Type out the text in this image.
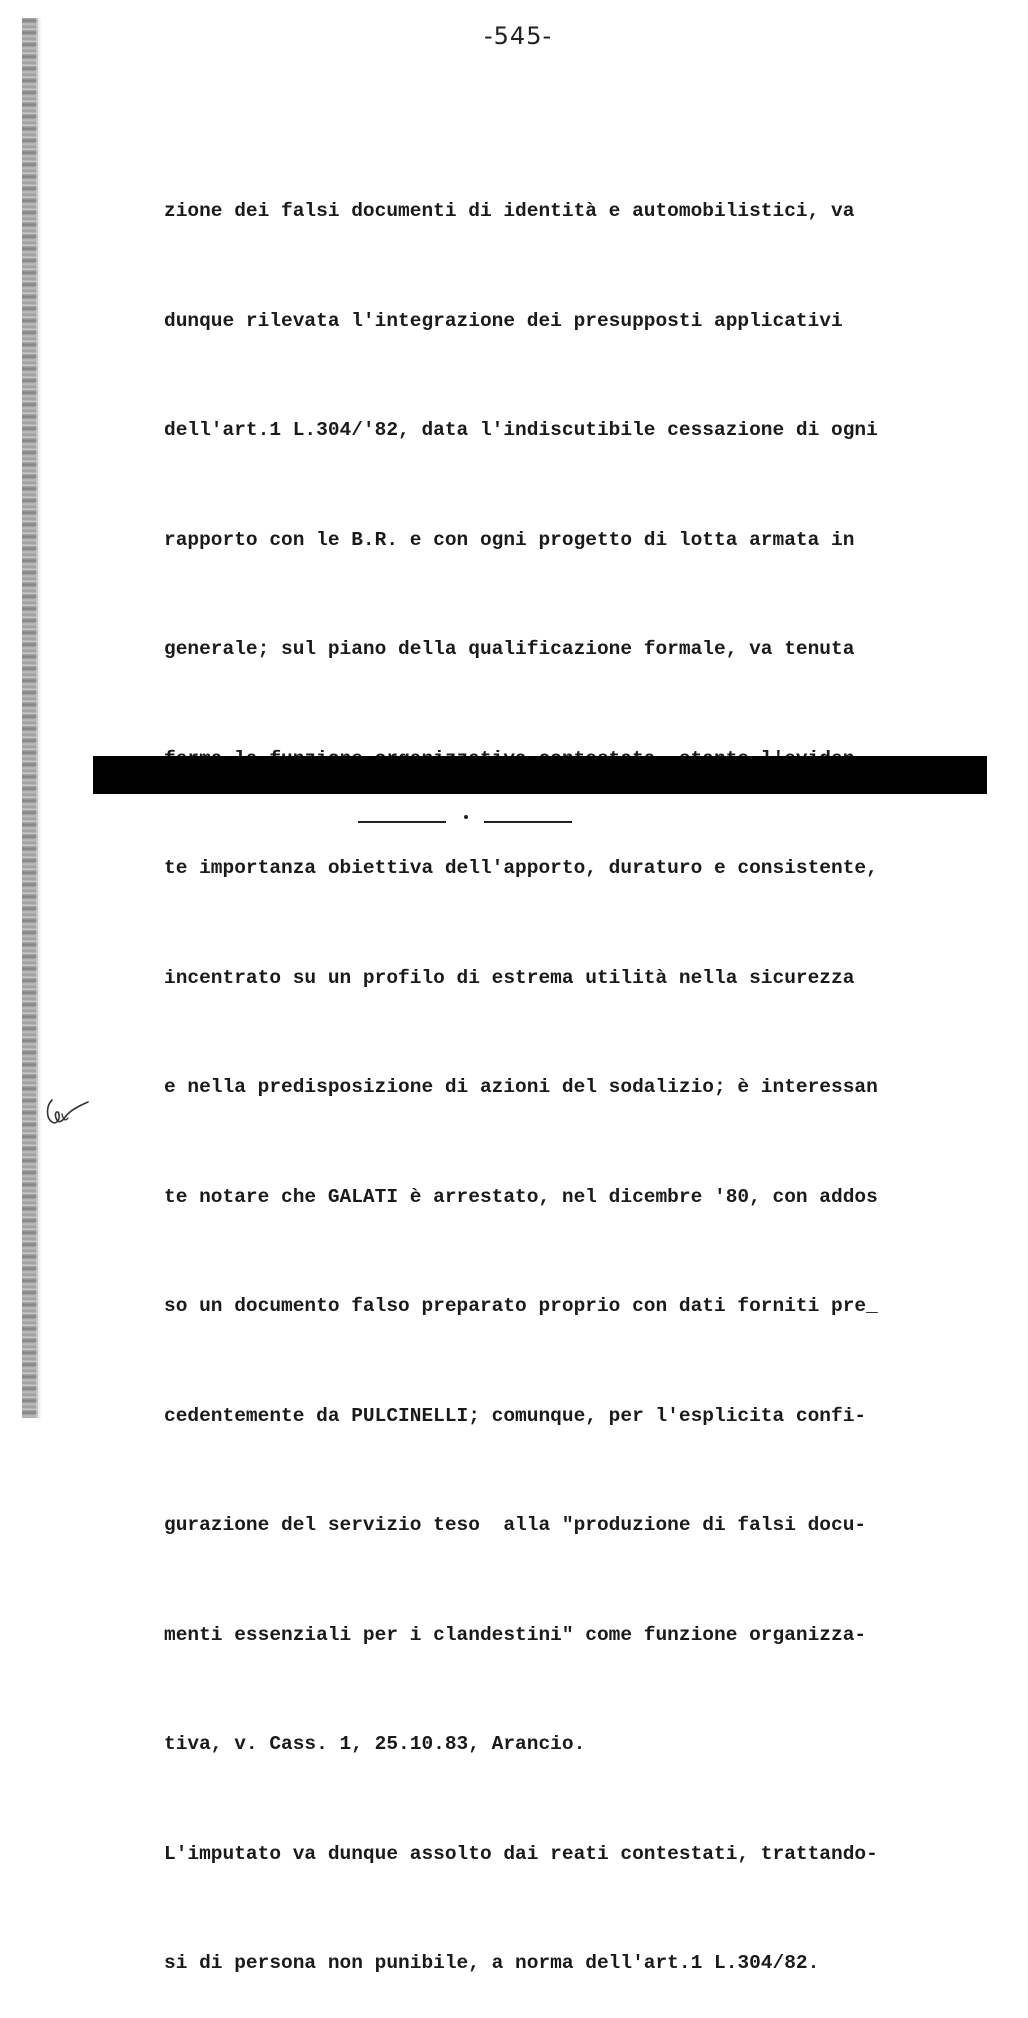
-545-

zione dei falsi documenti di identità e automobilistici, va

dunque rilevata l'integrazione dei presupposti applicativi

dell'art.1 L.304/'82, data l'indiscutibile cessazione di ogni

rapporto con le B.R. e con ogni progetto di lotta armata in

generale; sul piano della qualificazione formale, va tenuta

te importanza obiettiva dell'apporto, duraturo e consistente,

incentrato su un profilo di estrema utilità nella sicurezza

e nella predisposizione di azioni del sodalizio; è interessan

te notare che GALATI è arrestato, nel dicembre '80, con addos

so un documento falso preparato proprio con dati forniti pre_

cedentemente da PULCINELLI; comunque, per l'esplicita confi-

gurazione del servizio teso  alla "produzione di falsi docu-

menti essenziali per i clandestini" come funzione organizza-

tiva, v. Cass. 1, 25.10.83, Arancio.

L'imputato va dunque assolto dai reati contestati, trattando-

si di persona non punibile, a norma dell'art.1 L.304/82.
